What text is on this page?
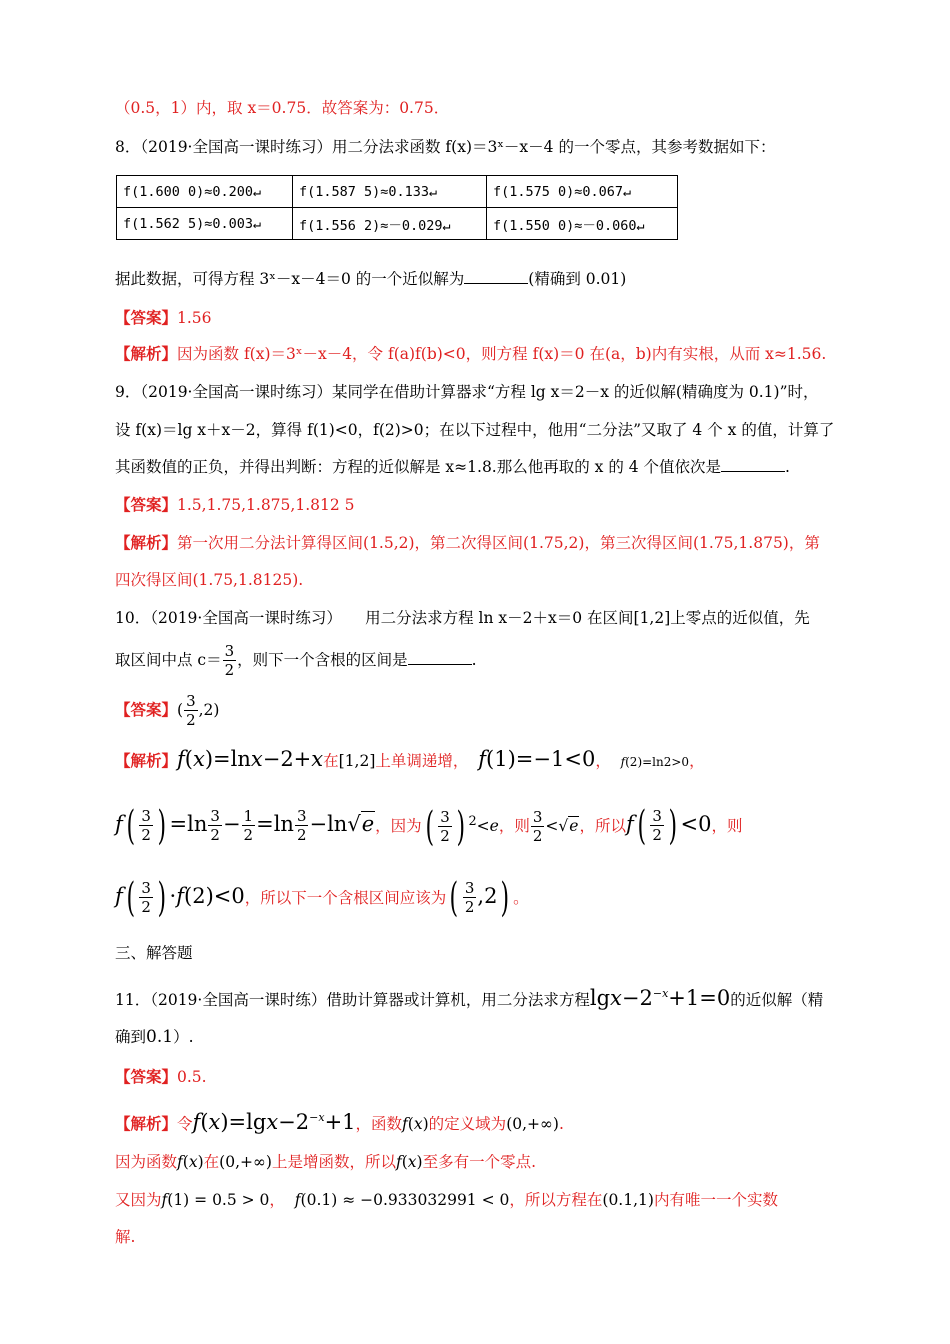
（0.5，1）内，取 x＝0.75．故答案为：0.75．
8．（2019·全国高一课时练习）用二分法求函数 f(x)＝3ˣ－x－4 的一个零点，其参考数据如下：
f(1.600 0)≈0.200↵	f(1.587 5)≈0.133↵	f(1.575 0)≈0.067↵
f(1.562 5)≈0.003↵	f(1.556 2)≈－0.029↵	f(1.550 0)≈－0.060↵
据此数据，可得方程 3ˣ－x－4＝0 的一个近似解为	(精确到 0.01)
【答案】1.56
【解析】因为函数 f(x)＝3ˣ－x－4，令 f(a)f(b)<0，则方程 f(x)＝0 在(a，b)内有实根，从而 x≈1.56.
9．（2019·全国高一课时练习）某同学在借助计算器求“方程 lg x＝2－x 的近似解(精确度为 0.1)”时，
设 f(x)＝lg x＋x－2，算得 f(1)<0，f(2)>0；在以下过程中，他用“二分法”又取了 4 个 x 的值，计算了
其函数值的正负，并得出判断：方程的近似解是 x≈1.8.那么他再取的 x 的 4 个值依次是	.
【答案】1.5,1.75,1.875,1.812 5
【解析】第一次用二分法计算得区间(1.5,2)，第二次得区间(1.75,2)，第三次得区间(1.75,1.875)，第
四次得区间(1.75,1.8125).
10．（2019·全国高一课时练习）　　用二分法求方程 ln x－2＋x＝0 在区间[1,2]上零点的近似值，先
取区间中点 $c= \frac{3}{2}$ ，则下一个含根的区间是	.
【答案】( $\frac{3}{2} ,2$)
【解析】f(x)=lnx−2+x在[1,2]上单调递增， f(1)=−1<0，  f(2)=ln2>0，
$f( \frac{3}{2}$ ) $=\ln \frac{3}{2} - \frac{1}{2} =\ln \frac{3}{2} -\ln√e$，因为( $\frac{3}{2}$ ) $^2$<e，则 $\frac{3}{2} <√e$，所以$f( \frac{3}{2}$ ) <0，则
$f( \frac{3}{2}$ ) ·f(2)<0，所以下一个含根区间应该为( $\frac{3}{2} ,2$) 。
三、解答题
11．（2019·全国高一课时练）借助计算器或计算机，用二分法求方程$\lg x-2^{-x}+1=0$的近似解（精
确到0.1）.
【答案】0.5.
【解析】令$f(x)=\lg x-2^{-x}+1$，函数f(x)的定义域为(0,+∞).
因为函数f(x)在(0,+∞)上是增函数，所以f(x)至多有一个零点.
又因为f(1) = 0.5 > 0， f(0.1) ≈ −0.933032991 < 0，所以方程在(0.1,1)内有唯一一个实数
解.
